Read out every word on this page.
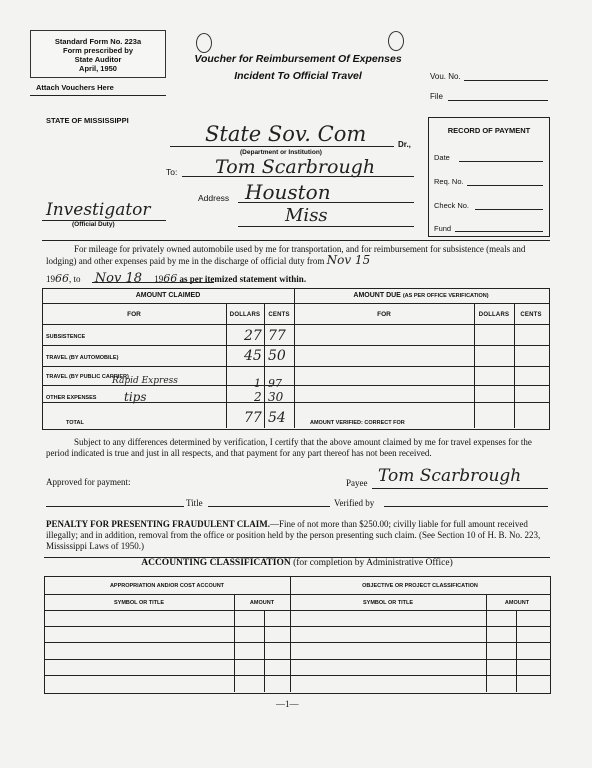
Standard Form No. 223a
Form prescribed by
State Auditor
April, 1950
Voucher for Reimbursement Of Expenses
Incident To Official Travel
Attach Vouchers Here
Vou. No.
File
STATE OF MISSISSIPPI
State Sov. Com	Dr.,
(Department or Institution)
To: Tom Scarbrough
Address Houston
Miss
Investigator
(Official Duty)
RECORD OF PAYMENT
Date
Req. No.
Check No.
Fund
For mileage for privately owned automobile used by me for transportation, and for reimbursement for subsistence (meals and lodging) and other expenses paid by me in the discharge of official duty from Nov 15
1966, to Nov 18 1966 as per itemized statement within.
AMOUNT CLAIMED	AMOUNT DUE (AS PER OFFICE VERIFICATION)
FOR	DOLLARS	CENTS	FOR	DOLLARS	CENTS
SUBSISTENCE	27 77
TRAVEL (BY AUTOMOBILE)	45 50
TRAVEL (BY PUBLIC CARRIER)
Rapid Express	1 97
OTHER EXPENSES tips	2 30
TOTAL	77 54	AMOUNT VERIFIED: CORRECT FOR
Subject to any differences determined by verification, I certify that the above amount claimed by me for travel expenses for the period indicated is true and just in all respects, and that payment for any part thereof has not been received.
Approved for payment:	Payee Tom Scarbrough
Title	Verified by
PENALTY FOR PRESENTING FRAUDULENT CLAIM.—Fine of not more than $250.00; civilly liable for full amount received illegally; and in addition, removal from the office or position held by the person presenting such claim. (See Section 10 of H. B. No. 223, Mississippi Laws of 1950.)
ACCOUNTING CLASSIFICATION (for completion by Administrative Office)
APPROPRIATION AND/OR COST ACCOUNT	OBJECTIVE OR PROJECT CLASSIFICATION
SYMBOL OR TITLE	AMOUNT	SYMBOL OR TITLE	AMOUNT
—1—
